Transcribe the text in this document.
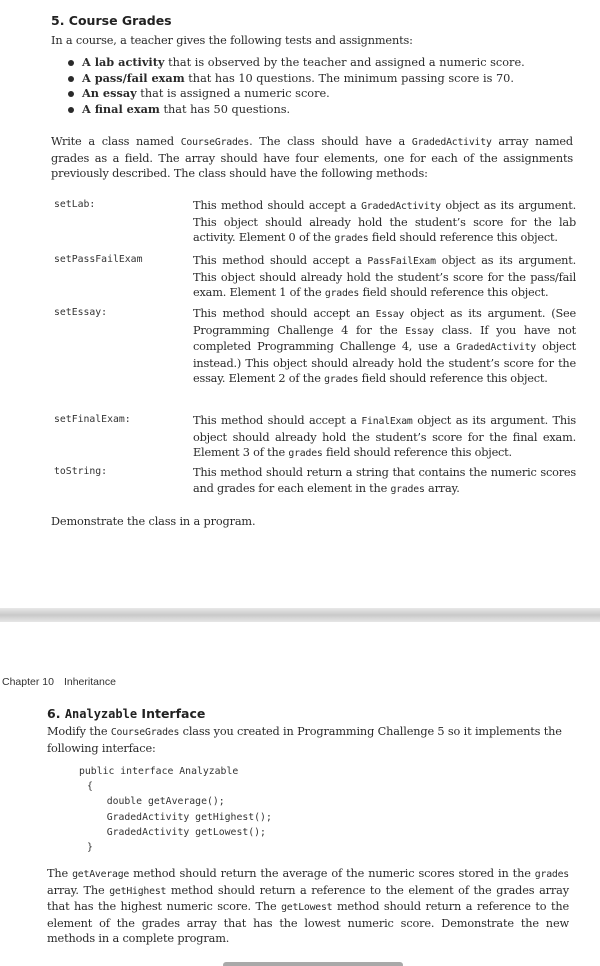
5. Course Grades
In a course, a teacher gives the following tests and assignments:
A lab activity that is observed by the teacher and assigned a numeric score.
A pass/fail exam that has 10 questions. The minimum passing score is 70.
An essay that is assigned a numeric score.
A final exam that has 50 questions.
Write a class named CourseGrades. The class should have a GradedActivity array named grades as a field. The array should have four elements, one for each of the assignments previously described. The class should have the following methods:
setLab:	This method should accept a GradedActivity object as its argument. This object should already hold the student’s score for the lab activity. Element 0 of the grades field should reference this object.
setPassFailExam	This method should accept a PassFailExam object as its argument. This object should already hold the student’s score for the pass/fail exam. Element 1 of the grades field should reference this object.
setEssay:	This method should accept an Essay object as its argument. (See Programming Challenge 4 for the Essay class. If you have not completed Programming Challenge 4, use a GradedActivity object instead.) This object should already hold the student’s score for the essay. Element 2 of the grades field should reference this object.
setFinalExam:	This method should accept a FinalExam object as its argument. This object should already hold the student’s score for the final exam. Element 3 of the grades field should reference this object.
toString:	This method should return a string that contains the numeric scores and grades for each element in the grades array.
Demonstrate the class in a program.
Chapter 10 Inheritance
6. Analyzable Interface
Modify the CourseGrades class you created in Programming Challenge 5 so it implements the following interface:
public interface Analyzable
{
double getAverage();
GradedActivity getHighest();
GradedActivity getLowest();
}
The getAverage method should return the average of the numeric scores stored in the grades array. The getHighest method should return a reference to the element of the grades array that has the highest numeric score. The getLowest method should return a reference to the element of the grades array that has the lowest numeric score. Demonstrate the new methods in a complete program.
